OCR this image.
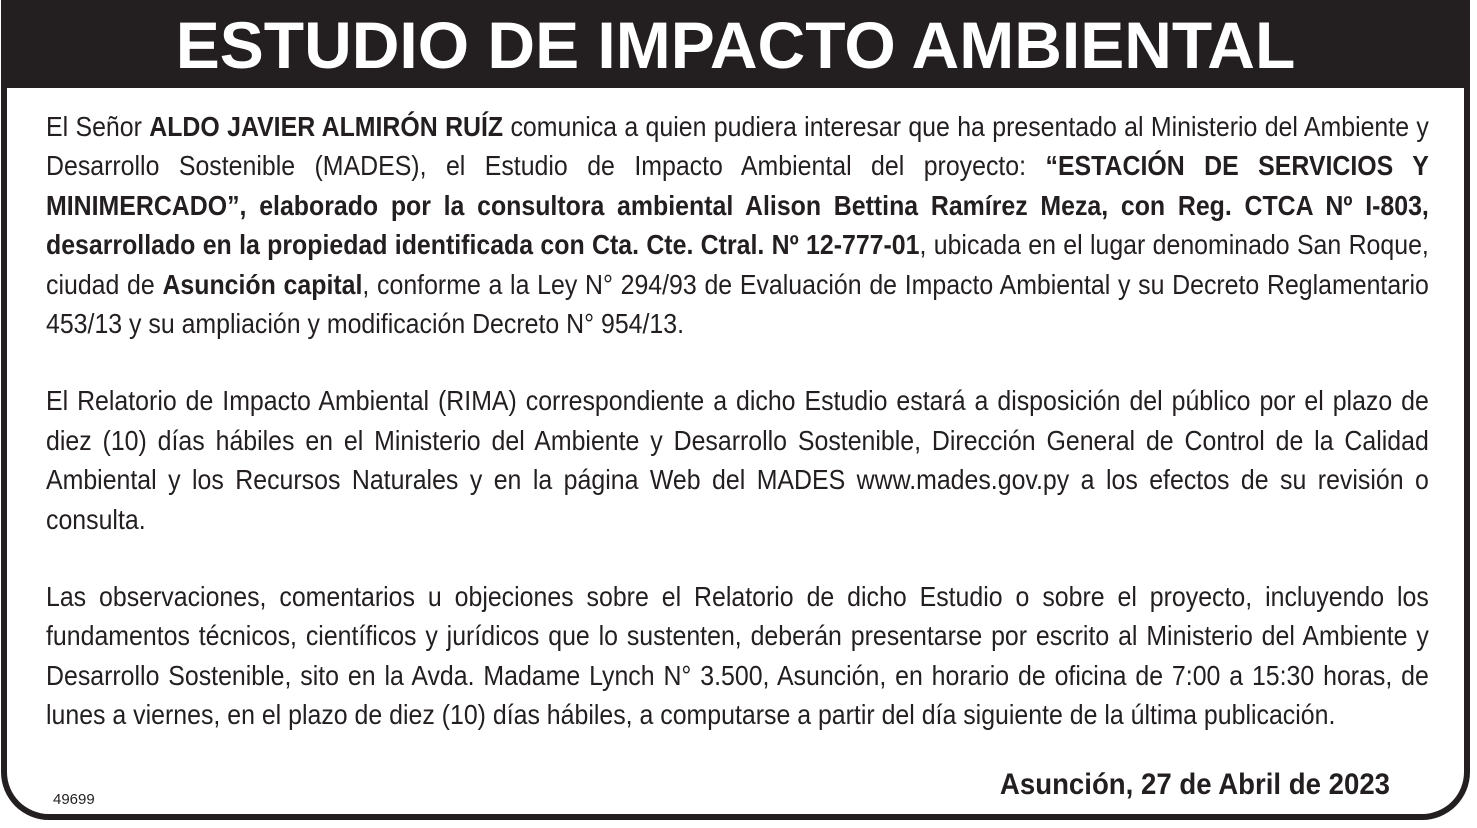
ESTUDIO DE IMPACTO AMBIENTAL

El Señor ALDO JAVIER ALMIRÓN RUÍZ comunica a quien pudiera interesar que ha presentado al Ministerio del Ambiente y Desarrollo Sostenible (MADES), el Estudio de Impacto Ambiental del proyecto: “ESTACIÓN DE SERVICIOS Y MINIMERCADO”, elaborado por la consultora ambiental Alison Bettina Ramírez Meza, con Reg. CTCA Nº I-803, desarrollado en la propiedad identificada con Cta. Cte. Ctral. Nº 12-777-01, ubicada en el lugar denominado San Roque, ciudad de Asunción capital, conforme a la Ley N° 294/93 de Evaluación de Impacto Ambiental y su Decreto Reglamentario 453/13 y su ampliación y modificación Decreto N° 954/13.

El Relatorio de Impacto Ambiental (RIMA) correspondiente a dicho Estudio estará a disposición del público por el plazo de diez (10) días hábiles en el Ministerio del Ambiente y Desarrollo Sostenible, Dirección General de Control de la Calidad Ambiental y los Recursos Naturales y en la página Web del MADES www.mades.gov.py a los efectos de su revisión o consulta.

Las observaciones, comentarios u objeciones sobre el Relatorio de dicho Estudio o sobre el proyecto, incluyendo los fundamentos técnicos, científicos y jurídicos que lo sustenten, deberán presentarse por escrito al Ministerio del Ambiente y Desarrollo Sostenible, sito en la Avda. Madame Lynch N° 3.500, Asunción, en horario de oficina de 7:00 a 15:30 horas, de lunes a viernes, en el plazo de diez (10) días hábiles, a computarse a partir del día siguiente de la última publicación.

49699	Asunción, 27 de Abril de 2023
